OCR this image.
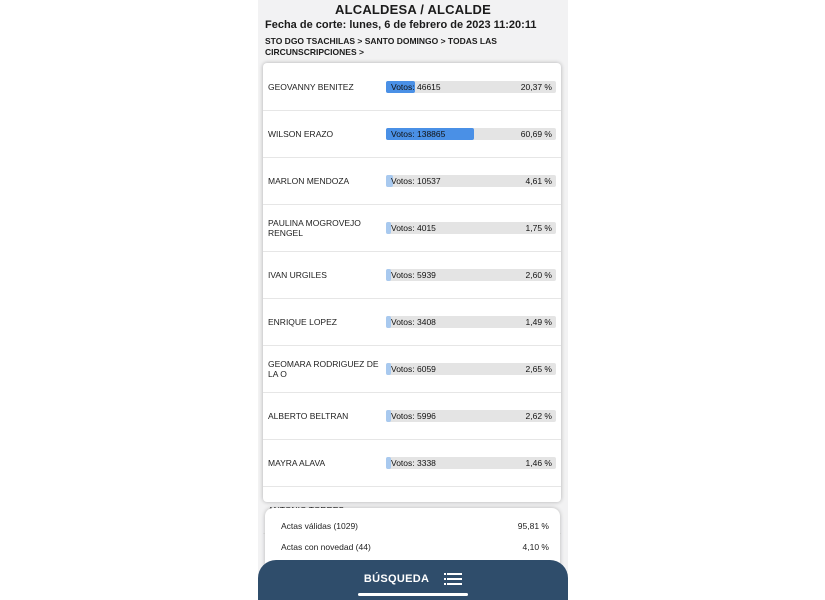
ALCALDESA / ALCALDE
Fecha de corte: lunes, 6 de febrero de 2023 11:20:11
STO DGO TSACHILAS > SANTO DOMINGO > TODAS LAS CIRCUNSCRIPCIONES >
GEOVANNY BENITEZ	Votos: 46615	20,37 %
WILSON ERAZO	Votos: 138865	60,69 %
MARLON MENDOZA	Votos: 10537	4,61 %
PAULINA MOGROVEJO RENGEL	Votos: 4015	1,75 %
IVAN URGILES	Votos: 5939	2,60 %
ENRIQUE LOPEZ	Votos: 3408	1,49 %
GEOMARA RODRIGUEZ DE LA O	Votos: 6059	2,65 %
ALBERTO BELTRAN	Votos: 5996	2,62 %
MAYRA ALAVA	Votos: 3338	1,46 %
Actas válidas (1029)	95,81 %
Actas con novedad (44)	4,10 %
BÚSQUEDA
